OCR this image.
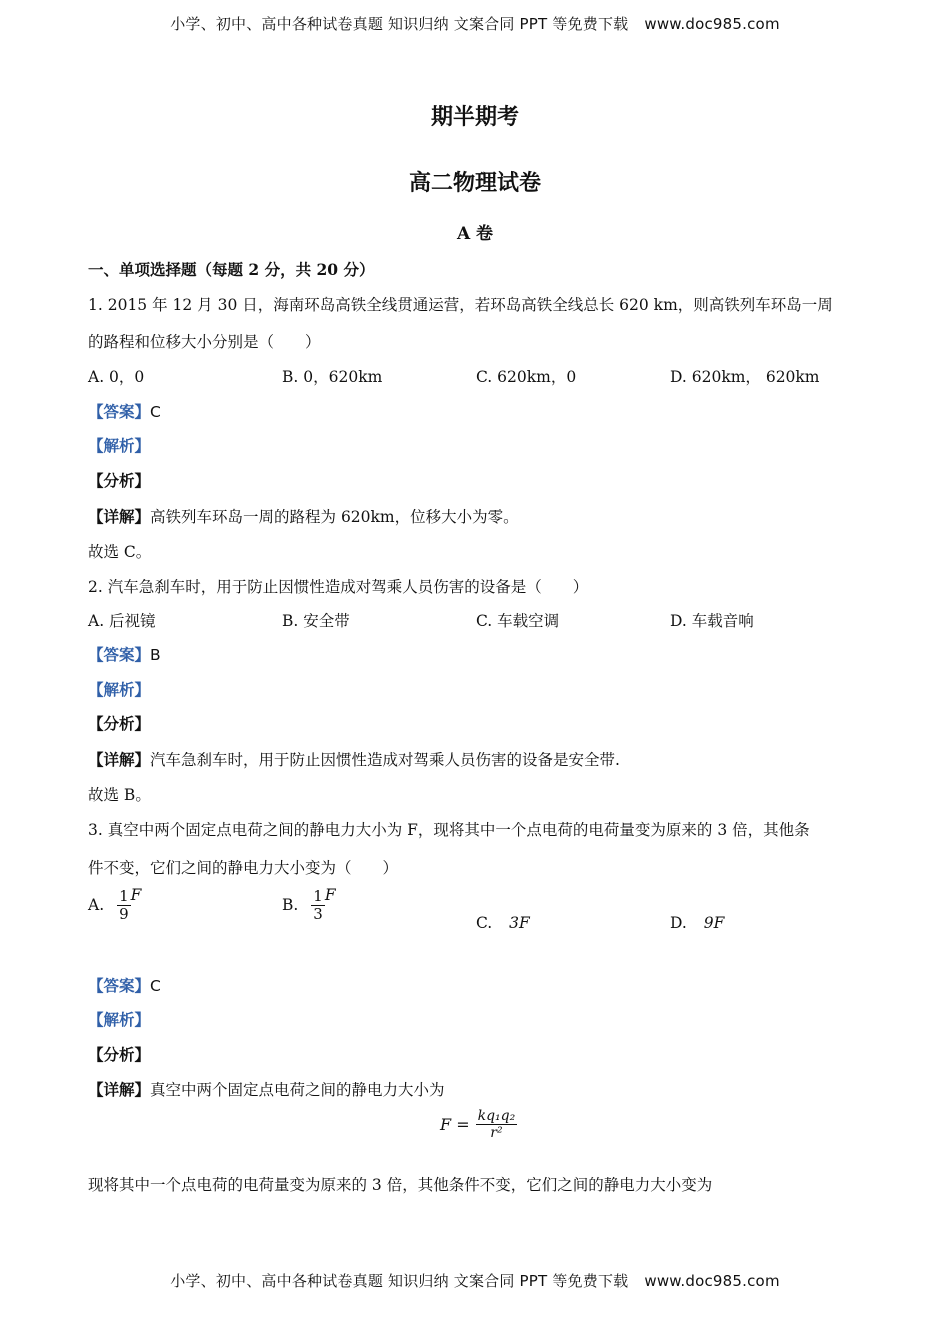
小学、初中、高中各种试卷真题 知识归纳 文案合同 PPT 等免费下载 www.doc985.com
期半期考
高二物理试卷
A 卷
一、单项选择题（每题 2 分，共 20 分）
1. 2015 年 12 月 30 日，海南环岛高铁全线贯通运营，若环岛高铁全线总长 620 km，则高铁列车环岛一周
的路程和位移大小分别是（　　）
A. 0，0	B. 0，620km	C. 620km，0	D. 620km， 620km
【答案】C
【解析】
【分析】
【详解】高铁列车环岛一周的路程为 620km，位移大小为零。
故选 C。
2. 汽车急刹车时，用于防止因惯性造成对驾乘人员伤害的设备是（　　）
A. 后视镜	B. 安全带	C. 车载空调	D. 车载音响
【答案】B
【解析】
【分析】
【详解】汽车急刹车时，用于防止因惯性造成对驾乘人员伤害的设备是安全带.
故选 B。
3. 真空中两个固定点电荷之间的静电力大小为 F，现将其中一个点电荷的电荷量变为原来的 3 倍，其他条
件不变，它们之间的静电力大小变为（　　）
A. $\frac{1}{9}$ F
B. $\frac{1}{3}$ F
C. 3F	D. 9F
【答案】C
【解析】
【分析】
【详解】真空中两个固定点电荷之间的静电力大小为
$F = \frac{\text{kq₁q₂}}{\text{r²}}$
现将其中一个点电荷的电荷量变为原来的 3 倍，其他条件不变，它们之间的静电力大小变为
小学、初中、高中各种试卷真题 知识归纳 文案合同 PPT 等免费下载 www.doc985.com
